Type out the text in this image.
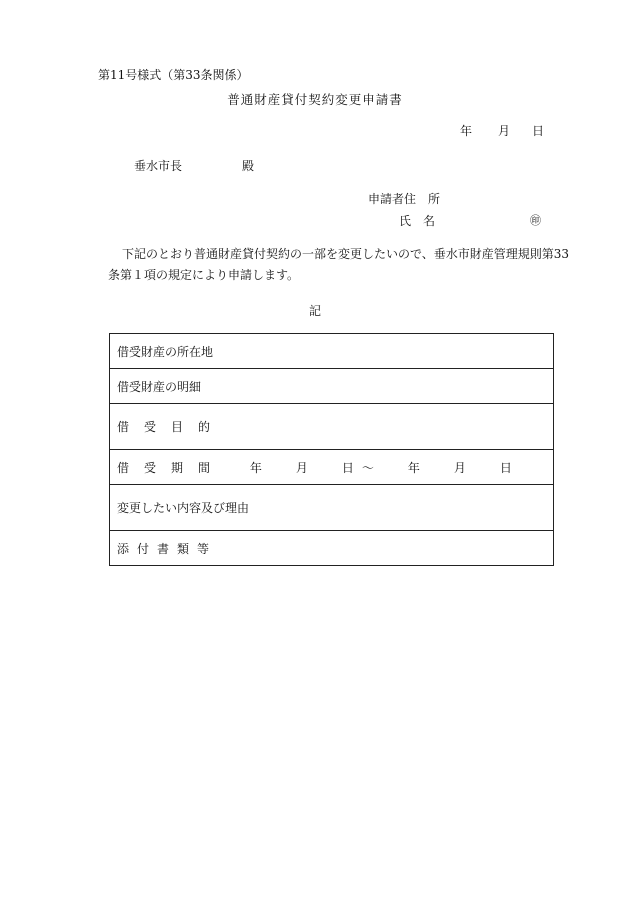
第11号様式（第33条関係）
普通財産貸付契約変更申請書
年 月 日
垂水市長	殿
申請者住　所
氏　名	㊞
下記のとおり普通財産貸付契約の一部を変更したいので、垂水市財産管理規則第33条第１項の規定により申請します。
記
借受財産の所在地
借受財産の明細
借 受 目 的
借 受 期 間	年	月	日 ～	年	月	日
変更したい内容及び理由
添 付 書 類 等
